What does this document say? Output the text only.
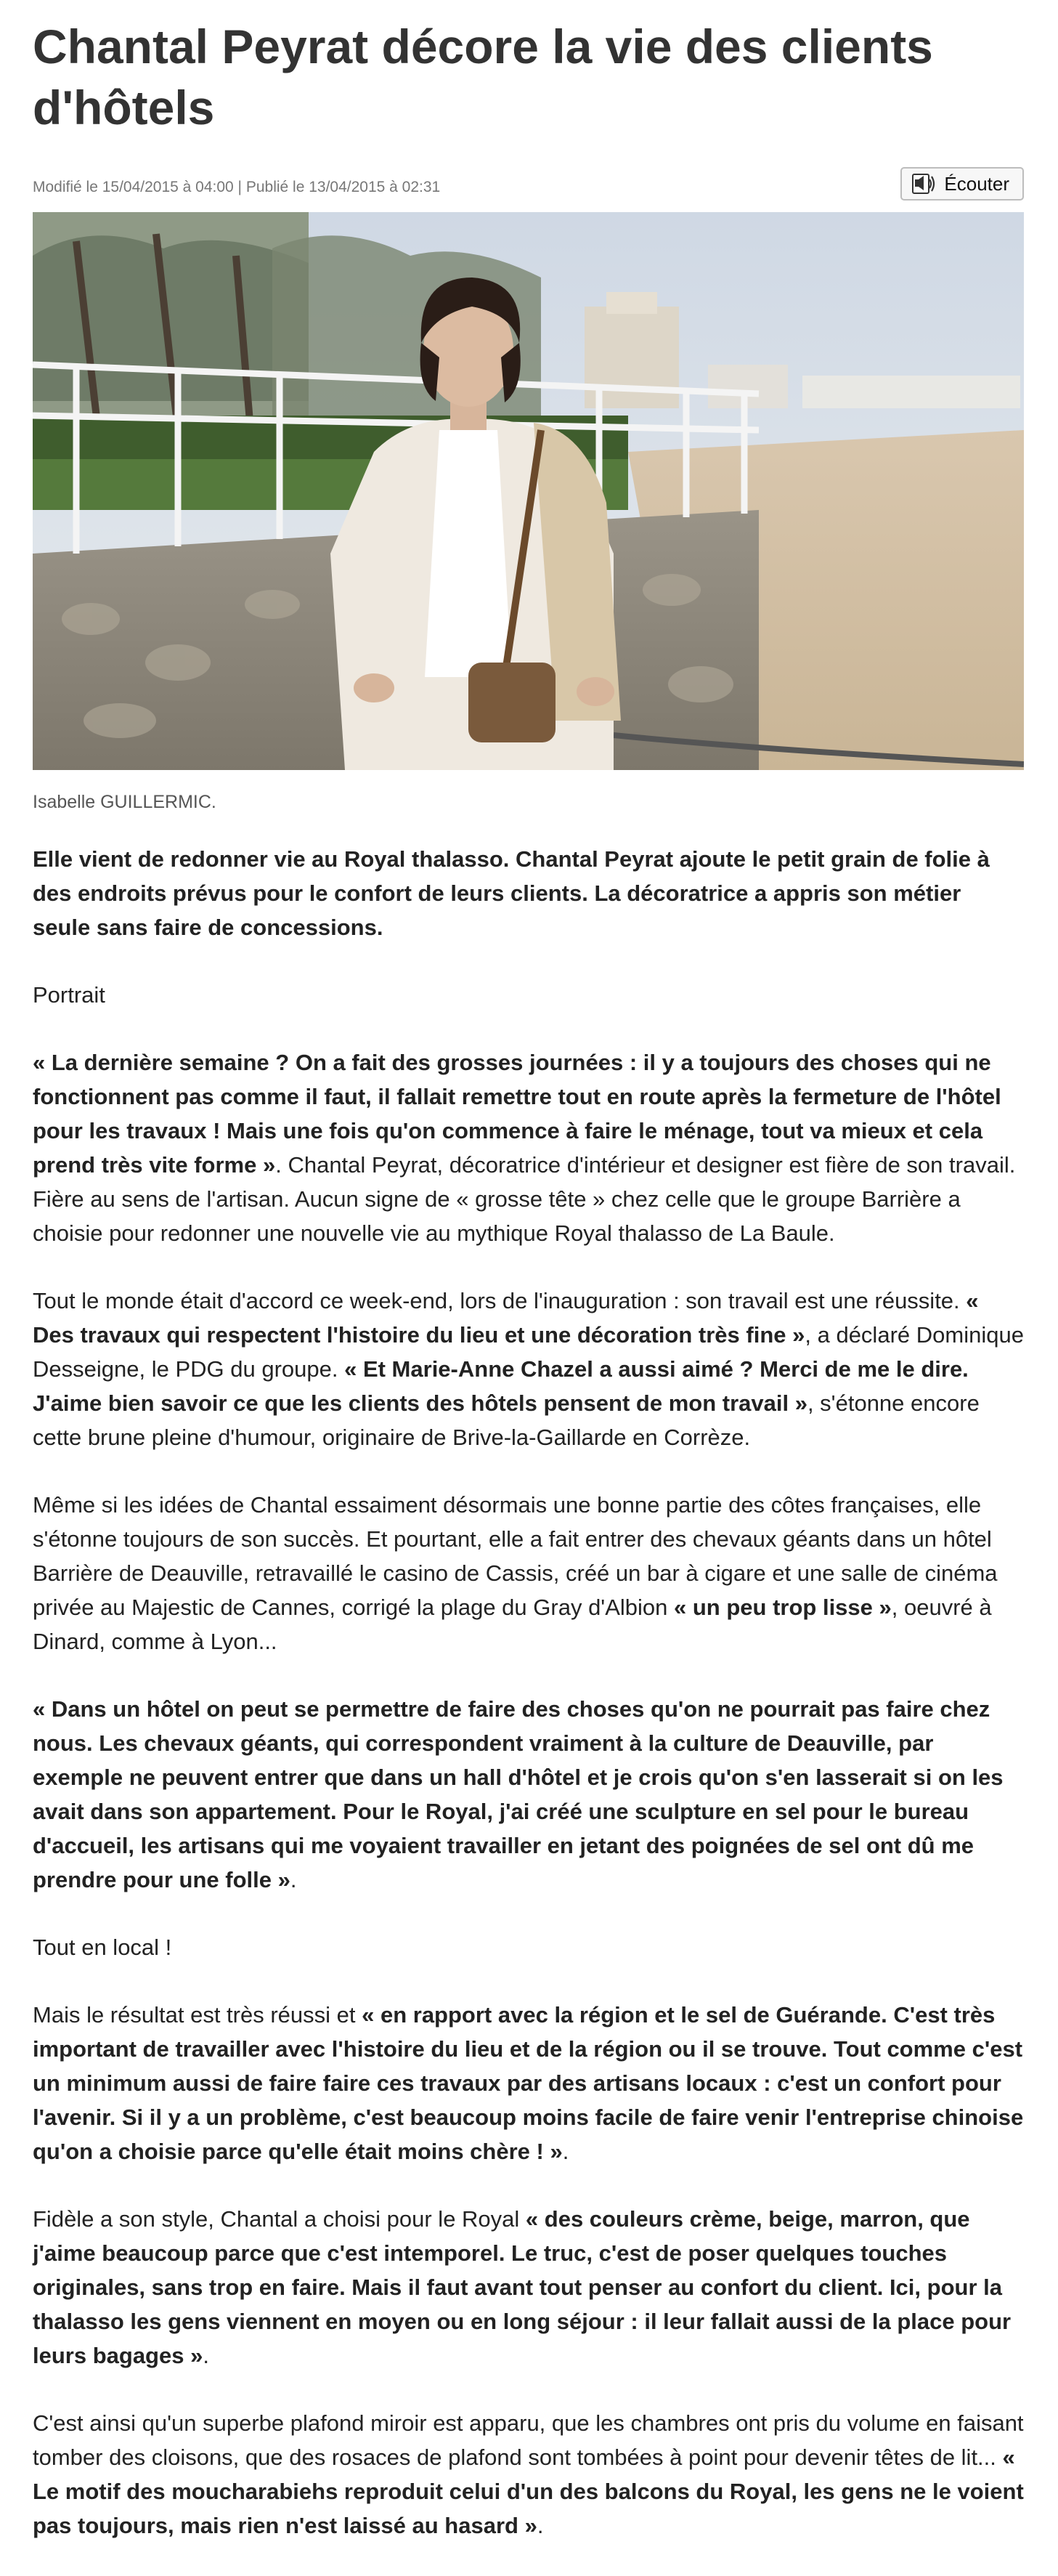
Chantal Peyrat décore la vie des clients d'hôtels
Modifié le 15/04/2015 à 04:00 | Publié le 13/04/2015 à 02:31	Écouter
Isabelle GUILLERMIC.

Elle vient de redonner vie au Royal thalasso. Chantal Peyrat ajoute le petit grain de folie à des endroits prévus pour le confort de leurs clients. La décoratrice a appris son métier seule sans faire de concessions.

Portrait

« La dernière semaine ? On a fait des grosses journées : il y a toujours des choses qui ne fonctionnent pas comme il faut, il fallait remettre tout en route après la fermeture de l'hôtel pour les travaux ! Mais une fois qu'on commence à faire le ménage, tout va mieux et cela prend très vite forme ». Chantal Peyrat, décoratrice d'intérieur et designer est fière de son travail. Fière au sens de l'artisan. Aucun signe de « grosse tête » chez celle que le groupe Barrière a choisie pour redonner une nouvelle vie au mythique Royal thalasso de La Baule.

Tout le monde était d'accord ce week-end, lors de l'inauguration : son travail est une réussite. « Des travaux qui respectent l'histoire du lieu et une décoration très fine », a déclaré Dominique Desseigne, le PDG du groupe. « Et Marie-Anne Chazel a aussi aimé ? Merci de me le dire. J'aime bien savoir ce que les clients des hôtels pensent de mon travail », s'étonne encore cette brune pleine d'humour, originaire de Brive-la-Gaillarde en Corrèze.

Même si les idées de Chantal essaiment désormais une bonne partie des côtes françaises, elle s'étonne toujours de son succès. Et pourtant, elle a fait entrer des chevaux géants dans un hôtel Barrière de Deauville, retravaillé le casino de Cassis, créé un bar à cigare et une salle de cinéma privée au Majestic de Cannes, corrigé la plage du Gray d'Albion « un peu trop lisse », oeuvré à Dinard, comme à Lyon...

« Dans un hôtel on peut se permettre de faire des choses qu'on ne pourrait pas faire chez nous. Les chevaux géants, qui correspondent vraiment à la culture de Deauville, par exemple ne peuvent entrer que dans un hall d'hôtel et je crois qu'on s'en lasserait si on les avait dans son appartement. Pour le Royal, j'ai créé une sculpture en sel pour le bureau d'accueil, les artisans qui me voyaient travailler en jetant des poignées de sel ont dû me prendre pour une folle ».

Tout en local !

Mais le résultat est très réussi et « en rapport avec la région et le sel de Guérande. C'est très important de travailler avec l'histoire du lieu et de la région ou il se trouve. Tout comme c'est un minimum aussi de faire faire ces travaux par des artisans locaux : c'est un confort pour l'avenir. Si il y a un problème, c'est beaucoup moins facile de faire venir l'entreprise chinoise qu'on a choisie parce qu'elle était moins chère ! ».

Fidèle a son style, Chantal a choisi pour le Royal « des couleurs crème, beige, marron, que j'aime beaucoup parce que c'est intemporel. Le truc, c'est de poser quelques touches originales, sans trop en faire. Mais il faut avant tout penser au confort du client. Ici, pour la thalasso les gens viennent en moyen ou en long séjour : il leur fallait aussi de la place pour leurs bagages ».

C'est ainsi qu'un superbe plafond miroir est apparu, que les chambres ont pris du volume en faisant tomber des cloisons, que des rosaces de plafond sont tombées à point pour devenir têtes de lit... « Le motif des moucharabiehs reproduit celui d'un des balcons du Royal, les gens ne le voient pas toujours, mais rien n'est laissé au hasard ».
